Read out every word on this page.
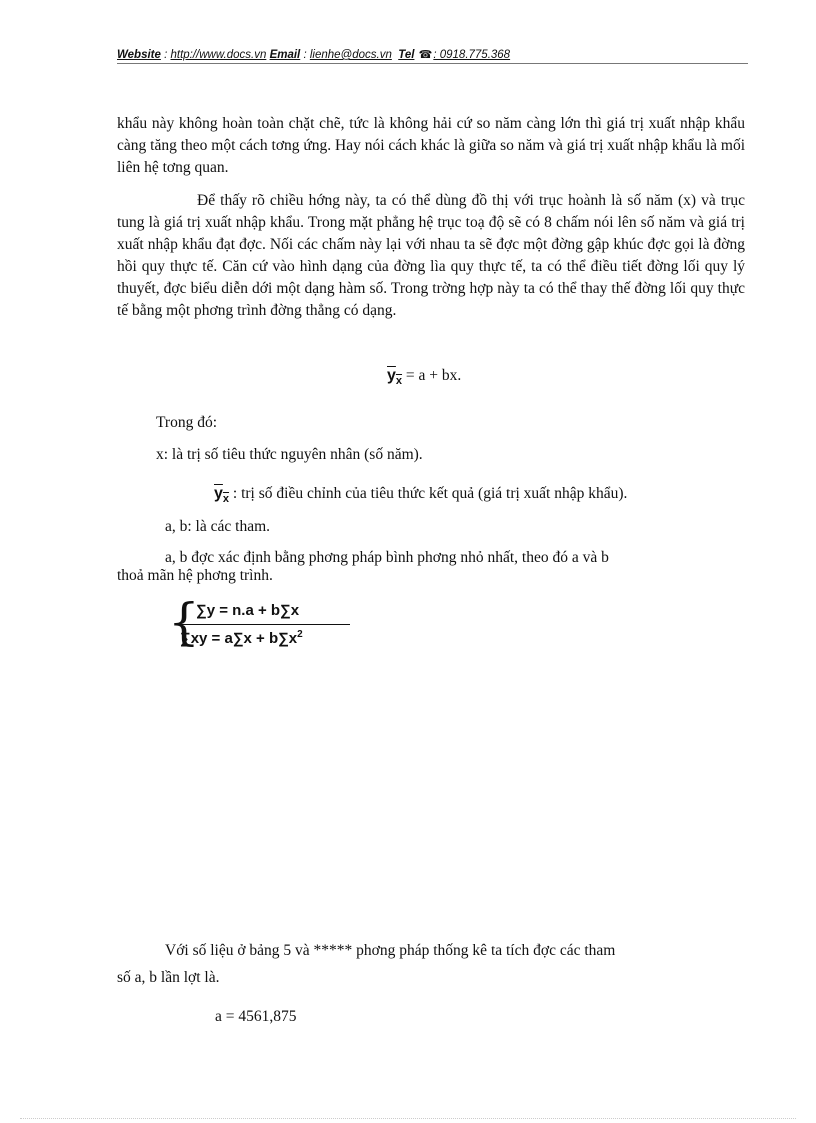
Website : http://www.docs.vn Email : lienhe@docs.vn Tel ☎: 0918.775.368
khẩu này không hoàn toàn chặt chẽ, tức là không hải cứ so năm càng lớn thì giá trị xuất nhập khẩu càng tăng theo một cách tơng ứng. Hay nói cách khác là giữa so năm và giá trị xuất nhập khẩu là mối liên hệ tơng quan.
Để thấy rõ chiều hớng này, ta có thể dùng đồ thị với trục hoành là số năm (x) và trục tung là giá trị xuất nhập khẩu. Trong mặt phẳng hệ trục toạ độ sẽ có 8 chấm nói lên số năm và giá trị xuất nhập khẩu đạt đợc. Nối các chấm này lại với nhau ta sẽ đợc một đờng gập khúc đợc gọi là đờng hồi quy thực tế. Căn cứ vào hình dạng của đờng lìa quy thực tế, ta có thể điều tiết đờng lối quy lý thuyết, đợc biểu diễn dới một dạng hàm số. Trong trờng hợp này ta có thể thay thế đờng lối quy thực tế bằng một phơng trình đờng thẳng có dạng.
$y_x = a$ + bx.
Trong đó:
x: là trị số tiêu thức nguyên nhân (số năm).
$y_x$ : trị số điều chỉnh của tiêu thức kết quả (giá trị xuất nhập khẩu).
a, b: là các tham.
a, b đợc xác định bằng phơng pháp bình phơng nhỏ nhất, theo đó a và b
thoả mãn hệ phơng trình.
{
∑y = n.a + b∑x
$\sum xy = a\sum x + b\sum x^2$
Với số liệu ở bảng 5 và ***** phơng pháp thống kê ta tích đợc các tham
số a, b lần lợt là.
a = 4561,875
